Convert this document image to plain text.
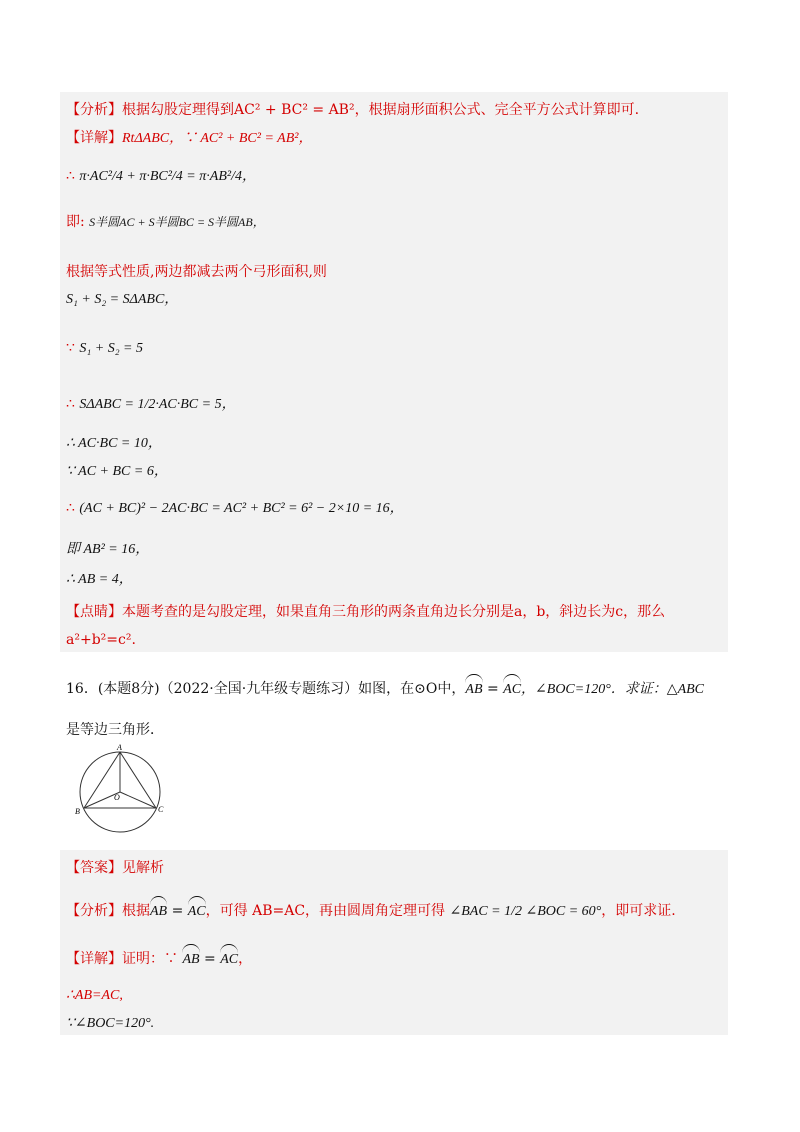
【分析】根据勾股定理得到AC² + BC² = AB²，根据扇形面积公式、完全平方公式计算即可.
【详解】RtΔABC，∵ AC² + BC² = AB²，
∴ π·AC²/4 + π·BC²/4 = π·AB²/4，
即: S半圆AC + S半圆BC = S半圆AB，
根据等式性质,两边都减去两个弓形面积,则
S₁ + S₂ = SΔABC，
∵ S₁ + S₂ = 5
∴ SΔABC = 1/2·AC·BC = 5，
∴ AC·BC = 10，
∵ AC + BC = 6，
∴ (AC + BC)² − 2AC·BC = AC² + BC² = 6² − 2×10 = 16，
即 AB² = 16，
∴ AB = 4，
【点睛】本题考查的是勾股定理，如果直角三角形的两条直角边长分别是a，b，斜边长为c，那么
a²+b²=c².
16．(本题8分)（2022·全国·九年级专题练习）如图，在⊙O中，AB = AC，∠BOC=120°．求证：△ABC
是等边三角形．
A
B	C
O
【答案】见解析
【分析】根据AB = AC，可得 AB=AC，再由圆周角定理可得 ∠BAC = 1/2 ∠BOC = 60°，即可求证.
【详解】证明：∵ AB = AC，
∴AB=AC,
∵∠BOC=120°.
